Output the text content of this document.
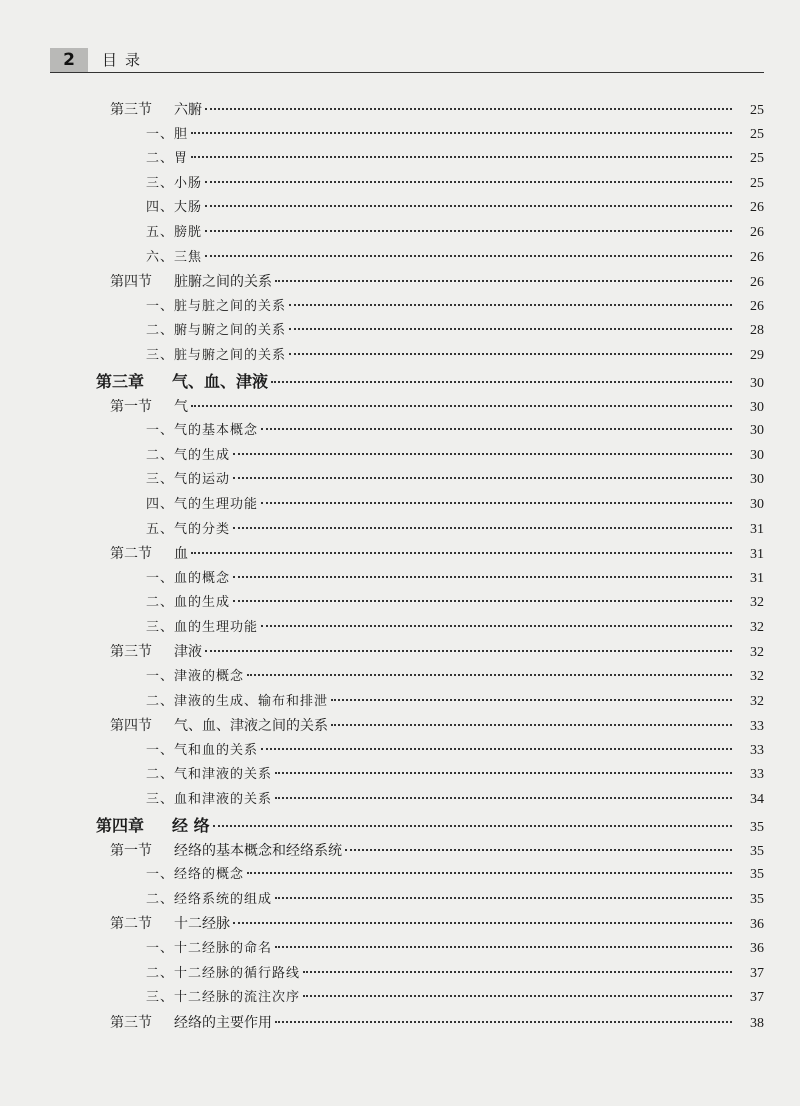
2	目录
第三节 六腑	25
一、胆	25
二、胃	25
三、小肠	25
四、大肠	26
五、膀胱	26
六、三焦	26
第四节 脏腑之间的关系	26
一、脏与脏之间的关系	26
二、腑与腑之间的关系	28
三、脏与腑之间的关系	29
第三章 气、血、津液	30
第一节 气	30
一、气的基本概念	30
二、气的生成	30
三、气的运动	30
四、气的生理功能	30
五、气的分类	31
第二节 血	31
一、血的概念	31
二、血的生成	32
三、血的生理功能	32
第三节 津液	32
一、津液的概念	32
二、津液的生成、输布和排泄	32
第四节 气、血、津液之间的关系	33
一、气和血的关系	33
二、气和津液的关系	33
三、血和津液的关系	34
第四章 经 络	35
第一节 经络的基本概念和经络系统	35
一、经络的概念	35
二、经络系统的组成	35
第二节 十二经脉	36
一、十二经脉的命名	36
二、十二经脉的循行路线	37
三、十二经脉的流注次序	37
第三节 经络的主要作用	38
